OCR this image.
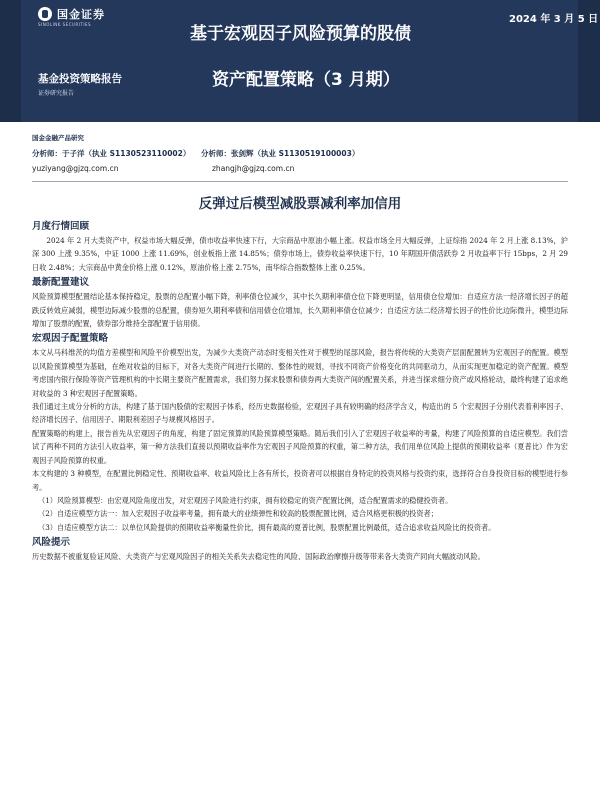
国金证券
SINOLINK SECURITIES	基于宏观因子风险预算的股债
资产配置策略（3 月期）
2024 年 3 月 5 日
基金投资策略报告
证券研究报告
国金金融产品研究
分析师：于子洋（执业 S1130523110002） 分析师：张剑辉（执业 S1130519100003）
yuziyang@gjzq.com.cn	zhangjh@gjzq.com.cn
反弹过后模型减股票减利率加信用
月度行情回顾
2024 年 2 月大类资产中，权益市场大幅反弹，债市收益率快速下行，大宗商品中原油小幅上涨。权益市场全月大幅反弹，上证综指 2024 年 2 月上涨 8.13%，沪深 300 上涨 9.35%，中证 1000 上涨 11.69%，创业板指上涨 14.85%；债券市场上，债券收益率快速下行，10 年期国开债活跃券 2 月收益率下行 15bps，2 月 29 日收 2.48%；大宗商品中黄金价格上涨 0.12%，原油价格上涨 2.75%，南华综合指数整体上涨 0.25%。
最新配置建议
风险预算模型配置结论基本保持稳定，股票的总配置小幅下降，利率债仓位减少，其中长久期利率债仓位下降更明显，信用债仓位增加：自适应方法一经济增长因子的超跌反转效应减弱，模型边际减少股票的总配置，债券短久期利率债和信用债仓位增加，长久期利率债仓位减少；自适应方法二经济增长因子的性价比边际微升，模型边际增加了股票的配置，债券部分维持全部配置于信用债。
宏观因子配置策略
本文从马科维茨的均值方差模型和风险平价模型出发，为减少大类资产动态时变相关性对于模型的尾部风险，报告将传统的大类资产层面配置转为宏观因子的配置。模型以风险预算模型为基础，在绝对收益的目标下，对各大类资产间进行长期的、整体性的规划，寻找不同资产价格变化的共同驱动力，从而实现更加稳定的资产配置。模型考虑国内银行保险等资产管理机构的中长期主要资产配置需求，我们努力探求股票和债券两大类资产间的配置关系，并进当探求细分资产或风格轮动，最终构建了追求绝对收益的 3 种宏观因子配置策略。
我们通过主成分分析的方法，构建了基于国内股债的宏观因子体系，经历史数据检验，宏观因子具有较明确的经济学含义，构造出的 5 个宏观因子分别代表着利率因子、经济增长因子、信用因子、期限利差因子与规模风格因子。
配置策略的构建上，报告首先从宏观因子的角度，构建了固定预算的风险预算模型策略。随后我们引入了宏观因子收益率的考量，构建了风险预算的自适应模型。我们尝试了两种不同的方法引入收益率，第一种方法我们直接以预期收益率作为宏观因子风险预算的权重，第二种方法，我们用单位风险上提供的预期收益率（夏普比）作为宏观因子风险预算的权重。
本文构建的 3 种模型，在配置比例稳定性、预期收益率、收益风险比上各有所长，投资者可以根据自身特定的投资风格与投资约束，选择符合自身投资目标的模型进行参考。
（1）风险预算模型：由宏观风险角度出发，对宏观因子风险进行约束，拥有较稳定的资产配置比例，适合配置需求的稳健投资者。
（2）自适应模型方法一：加入宏观因子收益率考量，拥有最大的业绩弹性和较高的股票配置比例，适合风格更积极的投资者；
（3）自适应模型方法二：以单位风险提供的预期收益率衡量性价比，拥有最高的夏普比例，股票配置比例最低，适合追求收益风险比的投资者。
风险提示
历史数据不被重复验证风险、大类资产与宏观风险因子的相关关系失去稳定性的风险、国际政治摩擦升级等带来各大类资产同向大幅波动风险。
